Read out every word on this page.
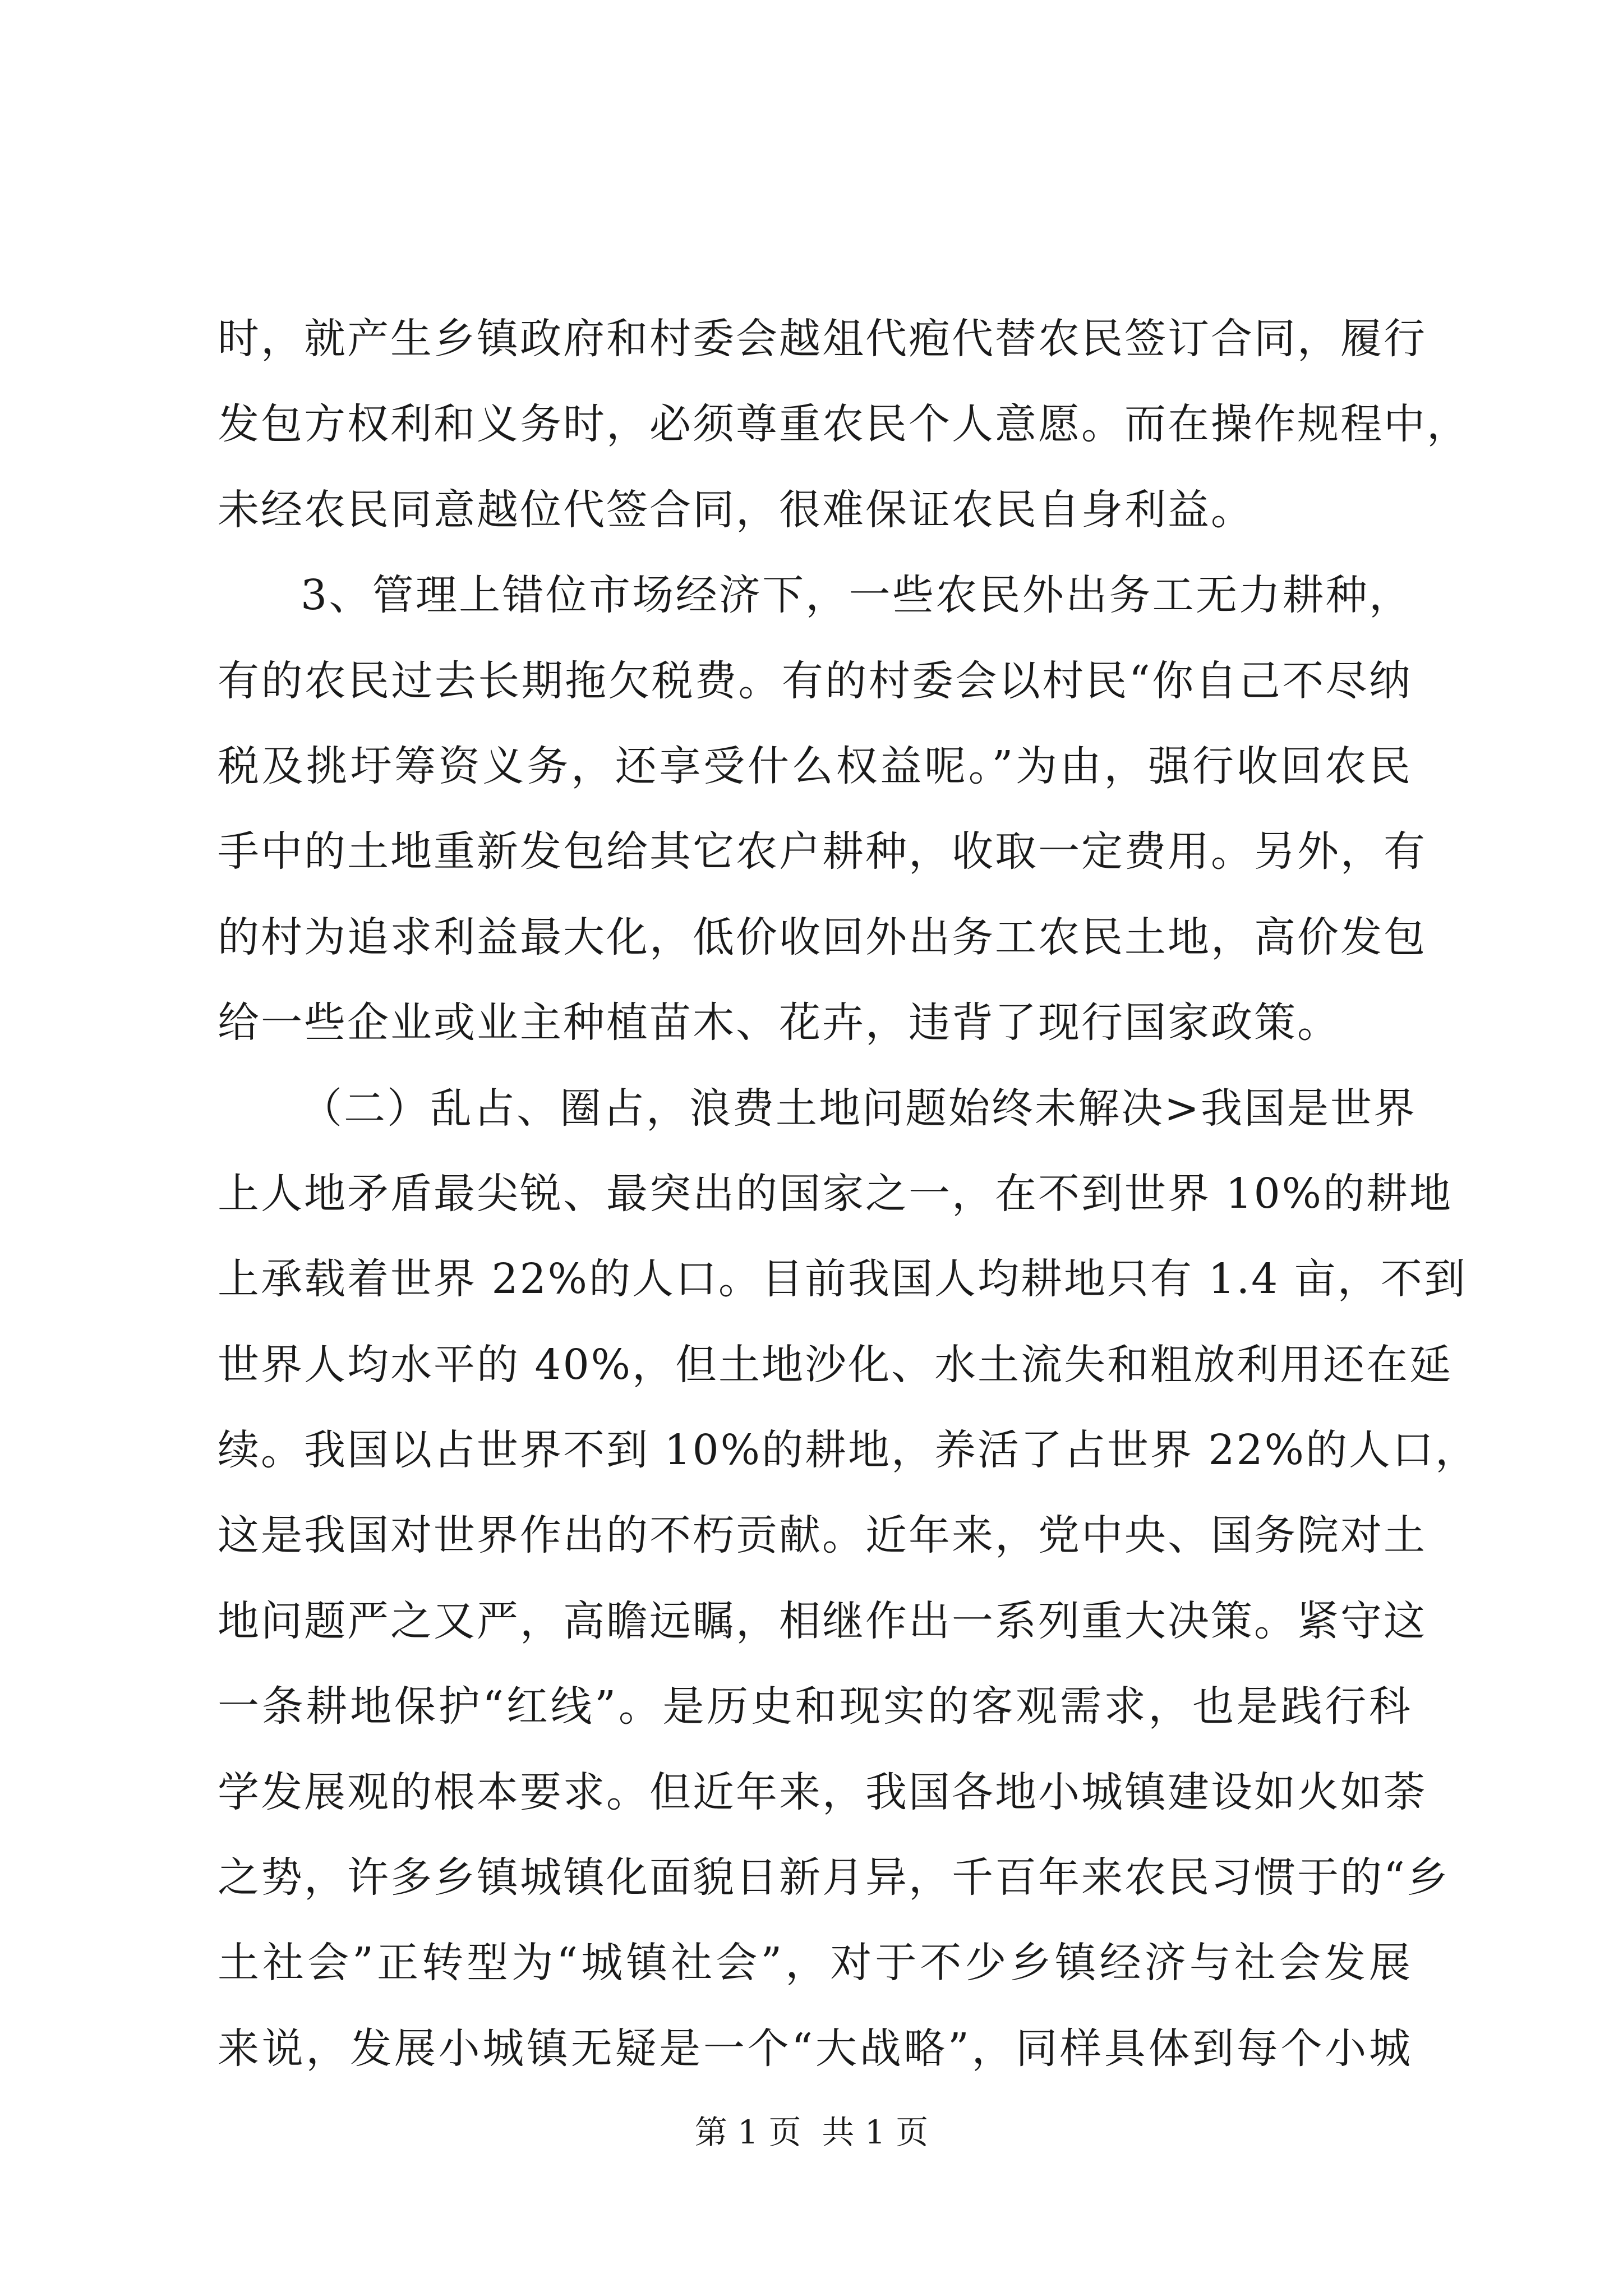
时，就产生乡镇政府和村委会越俎代疱代替农民签订合同，履行
发包方权利和义务时，必须尊重农民个人意愿。而在操作规程中，
未经农民同意越位代签合同，很难保证农民自身利益。
3、管理上错位市场经济下，一些农民外出务工无力耕种，
有的农民过去长期拖欠税费。有的村委会以村民“你自己不尽纳
税及挑圩筹资义务，还享受什么权益呢。”为由，强行收回农民
手中的土地重新发包给其它农户耕种，收取一定费用。另外，有
的村为追求利益最大化，低价收回外出务工农民土地，高价发包
给一些企业或业主种植苗木、花卉，违背了现行国家政策。
（二）乱占、圈占，浪费土地问题始终未解决>我国是世界
上人地矛盾最尖锐、最突出的国家之一，在不到世界 10%的耕地
上承载着世界 22%的人口。目前我国人均耕地只有 1.4 亩，不到
世界人均水平的 40%，但土地沙化、水土流失和粗放利用还在延
续。我国以占世界不到 10%的耕地，养活了占世界 22%的人口，
这是我国对世界作出的不朽贡献。近年来，党中央、国务院对土
地问题严之又严，高瞻远瞩，相继作出一系列重大决策。紧守这
一条耕地保护“红线”。是历史和现实的客观需求，也是践行科
学发展观的根本要求。但近年来，我国各地小城镇建设如火如荼
之势，许多乡镇城镇化面貌日新月异，千百年来农民习惯于的“乡
土社会”正转型为“城镇社会”，对于不少乡镇经济与社会发展
来说，发展小城镇无疑是一个“大战略”，同样具体到每个小城
第 1 页  共 1 页
